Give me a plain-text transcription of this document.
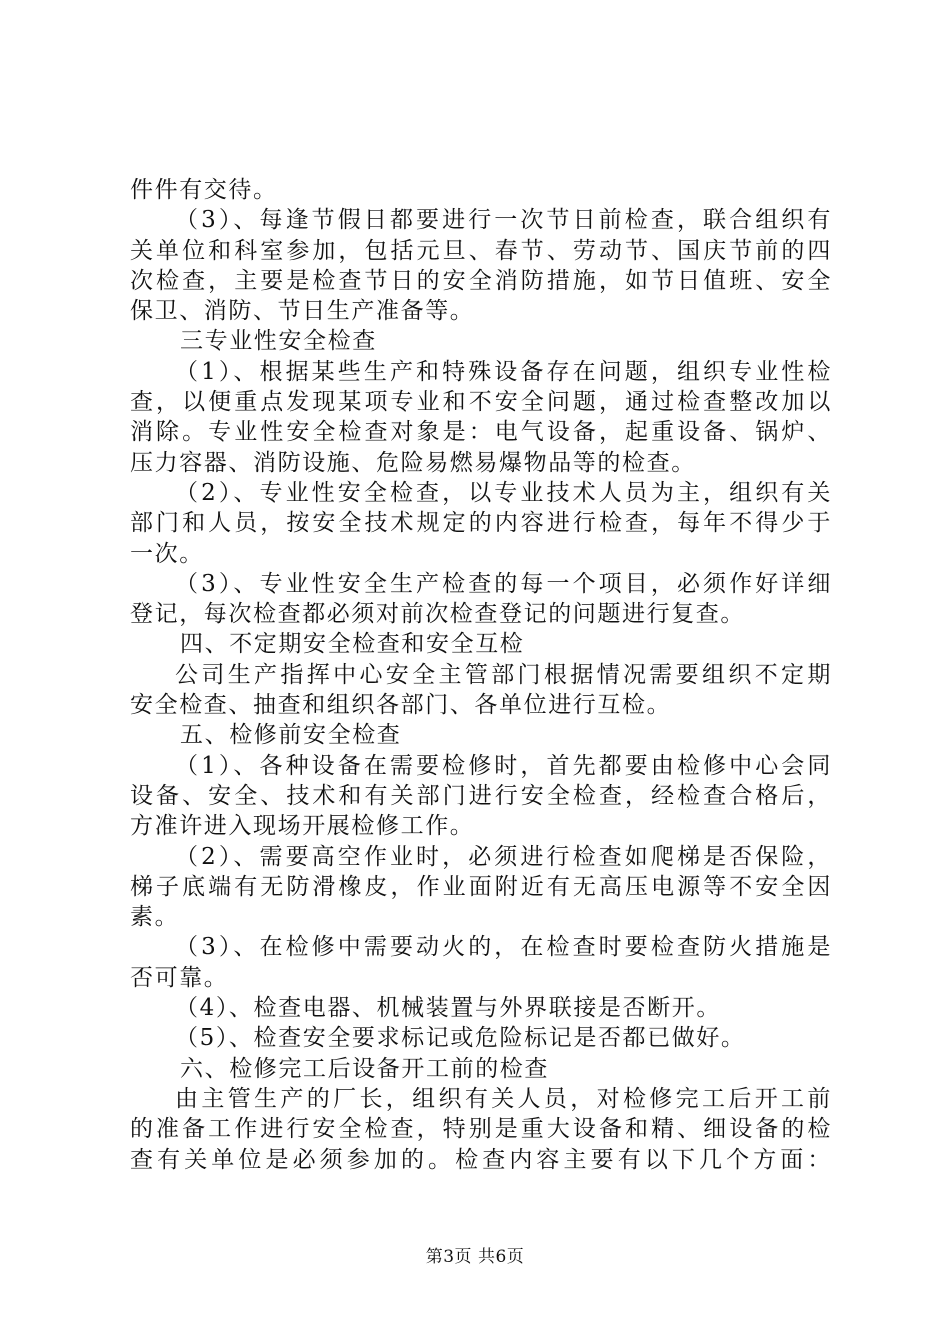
件件有交待。
（3）、每逢节假日都要进行一次节日前检查，联合组织有
关单位和科室参加，包括元旦、春节、劳动节、国庆节前的四
次检查，主要是检查节日的安全消防措施，如节日值班、安全
保卫、消防、节日生产准备等。
三专业性安全检查
（1）、根据某些生产和特殊设备存在问题，组织专业性检
查，以便重点发现某项专业和不安全问题，通过检查整改加以
消除。专业性安全检查对象是：电气设备，起重设备、锅炉、
压力容器、消防设施、危险易燃易爆物品等的检查。
（2）、专业性安全检查，以专业技术人员为主，组织有关
部门和人员，按安全技术规定的内容进行检查，每年不得少于
一次。
（3）、专业性安全生产检查的每一个项目，必须作好详细
登记，每次检查都必须对前次检查登记的问题进行复查。
四、不定期安全检查和安全互检
公司生产指挥中心安全主管部门根据情况需要组织不定期
安全检查、抽查和组织各部门、各单位进行互检。
五、检修前安全检查
（1）、各种设备在需要检修时，首先都要由检修中心会同
设备、安全、技术和有关部门进行安全检查，经检查合格后，
方准许进入现场开展检修工作。
（2）、需要高空作业时，必须进行检查如爬梯是否保险，
梯子底端有无防滑橡皮，作业面附近有无高压电源等不安全因
素。
（3）、在检修中需要动火的，在检查时要检查防火措施是
否可靠。
（4）、检查电器、机械装置与外界联接是否断开。
（5）、检查安全要求标记或危险标记是否都已做好。
六、检修完工后设备开工前的检查
由主管生产的厂长，组织有关人员，对检修完工后开工前
的准备工作进行安全检查，特别是重大设备和精、细设备的检
查有关单位是必须参加的。检查内容主要有以下几个方面：
第3页 共6页
